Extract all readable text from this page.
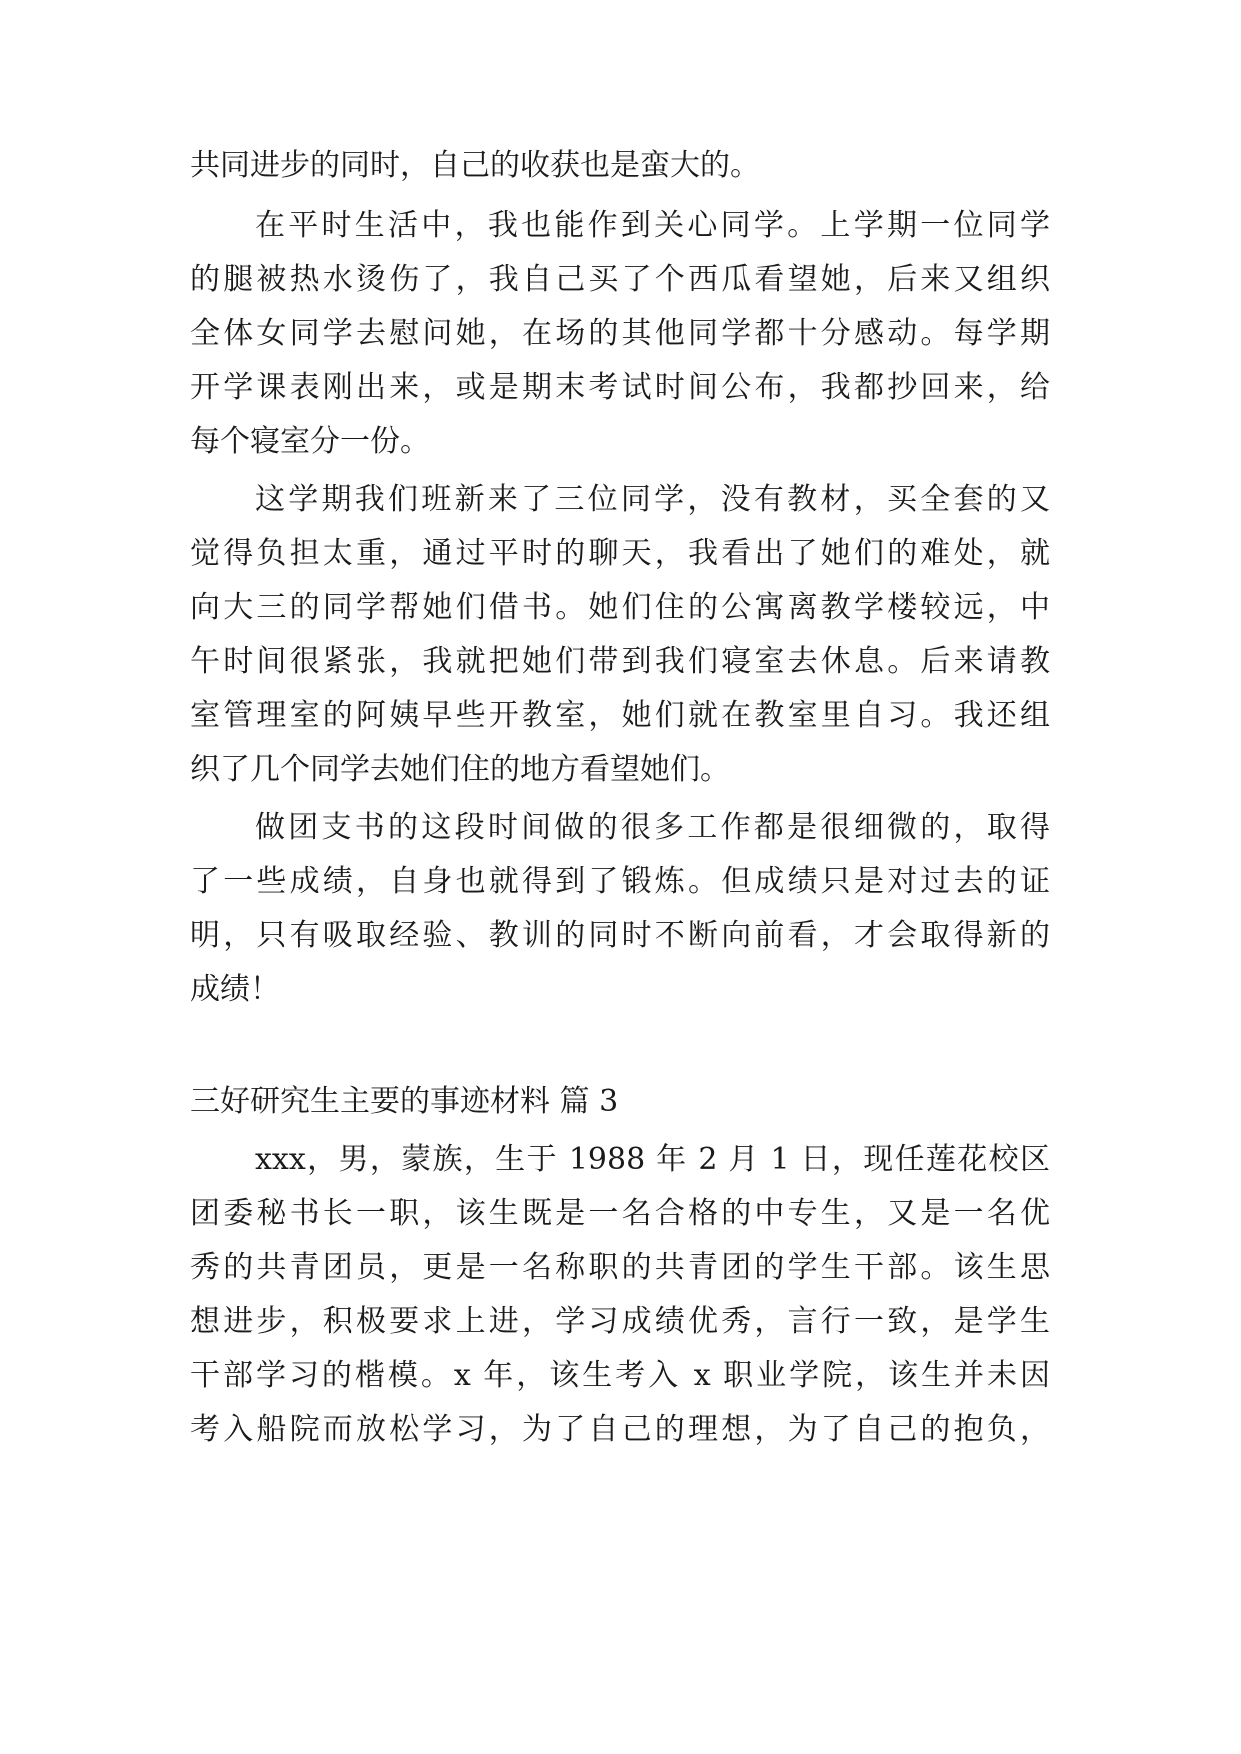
共同进步的同时，自己的收获也是蛮大的。
在平时生活中，我也能作到关心同学。上学期一位同学
的腿被热水烫伤了，我自己买了个西瓜看望她，后来又组织
全体女同学去慰问她，在场的其他同学都十分感动。每学期
开学课表刚出来，或是期末考试时间公布，我都抄回来，给
每个寝室分一份。
这学期我们班新来了三位同学，没有教材，买全套的又
觉得负担太重，通过平时的聊天，我看出了她们的难处，就
向大三的同学帮她们借书。她们住的公寓离教学楼较远，中
午时间很紧张，我就把她们带到我们寝室去休息。后来请教
室管理室的阿姨早些开教室，她们就在教室里自习。我还组
织了几个同学去她们住的地方看望她们。
做团支书的这段时间做的很多工作都是很细微的，取得
了一些成绩，自身也就得到了锻炼。但成绩只是对过去的证
明，只有吸取经验、教训的同时不断向前看，才会取得新的
成绩！
三好研究生主要的事迹材料 篇 3
xxx，男，蒙族，生于 1988 年 2 月 1 日，现任莲花校区
团委秘书长一职，该生既是一名合格的中专生，又是一名优
秀的共青团员，更是一名称职的共青团的学生干部。该生思
想进步，积极要求上进，学习成绩优秀，言行一致，是学生
干部学习的楷模。x 年，该生考入 x 职业学院，该生并未因
考入船院而放松学习，为了自己的理想，为了自己的抱负，
